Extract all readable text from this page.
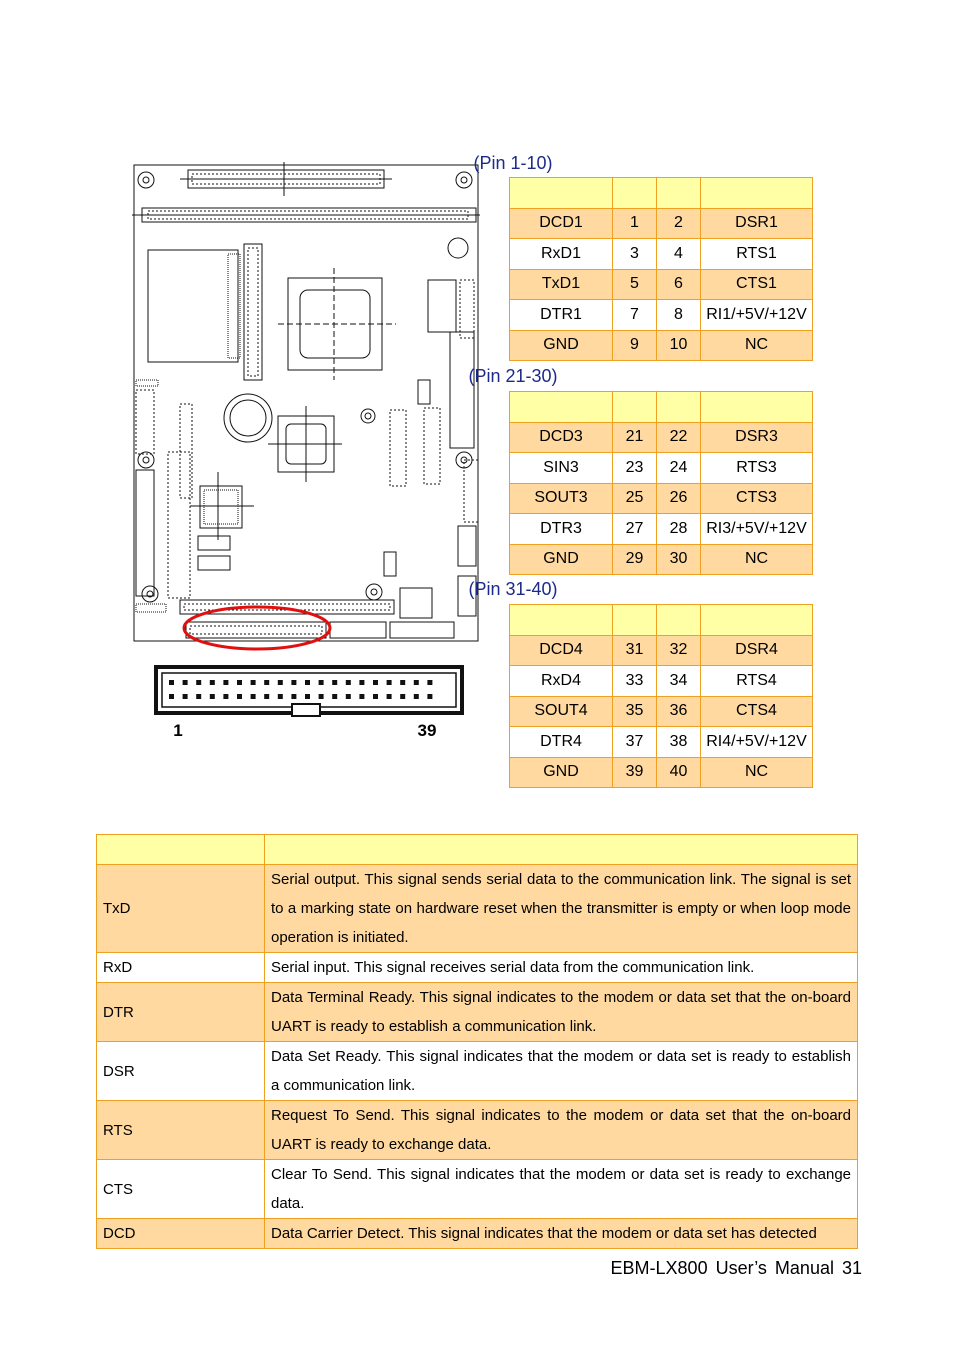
1	39
(Pin 1-10)

DCD1	1	2	DSR1
RxD1	3	4	RTS1
TxD1	5	6	CTS1
DTR1	7	8	RI1/+5V/+12V
GND	9	10	NC
(Pin 21-30)

DCD3	21	22	DSR3
SIN3	23	24	RTS3
SOUT3	25	26	CTS3
DTR3	27	28	RI3/+5V/+12V
GND	29	30	NC
(Pin 31-40)

DCD4	31	32	DSR4
RxD4	33	34	RTS4
SOUT4	35	36	CTS4
DTR4	37	38	RI4/+5V/+12V
GND	39	40	NC

TxD	Serial output. This signal sends serial data to the communication link. The signal is set to a marking state on hardware reset when the transmitter is empty or when loop mode operation is initiated.
RxD	Serial input. This signal receives serial data from the communication link.
DTR	Data Terminal Ready. This signal indicates to the modem or data set that the on-board UART is ready to establish a communication link.
DSR	Data Set Ready. This signal indicates that the modem or data set is ready to establish a communication link.
RTS	Request To Send. This signal indicates to the modem or data set that the on-board UART is ready to exchange data.
CTS	Clear To Send. This signal indicates that the modem or data set is ready to exchange data.
DCD	Data Carrier Detect. This signal indicates that the modem or data set has detected
EBM-LX800 User’s Manual 31
